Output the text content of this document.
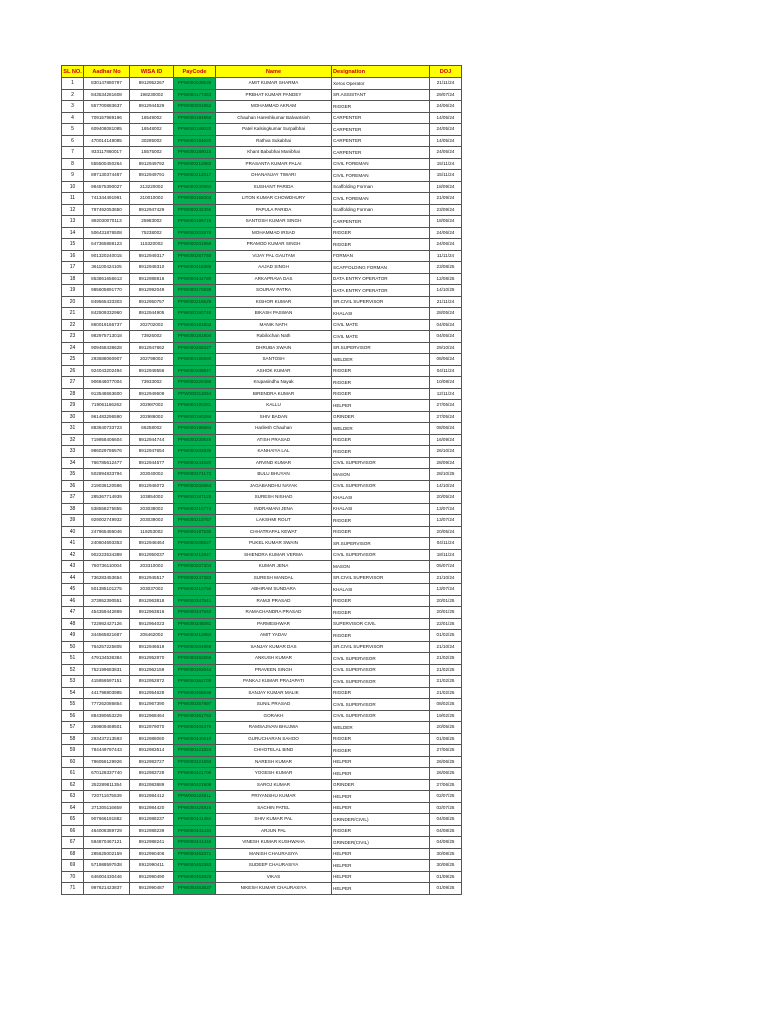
SL NO.	Aadhar No	WISA ID	PayCode	Name	Designation	DOJ
1	830147880797	8912952267	PPW000039538	AMIT KUMAR SHARMA	Xerox Operator	21/11/24
2	843534281608	198230002	PPW000177353	PRBHAT KUMAR PANDEY	SR.ASSISTANT	29/07/24
3	557700883637	8912944529	PPW000201962	MOHAMMAD AKRAM	RIGGER	24/06/24
4	709157989196	16549002	PPW000184958	Chauhan Hareshkumar Balvantsinh	CARPENTER	14/05/24
5	609408081085	16548002	PPW000189020	Patel Kalsingkumar Surpalbhai	CARPENTER	24/05/24
6	470014148085	30295002	PPW000184920	Rathva Sukabhai	CARPENTER	14/05/24
7	933117860017	15575002	PPW000189015	Khant Babubhai Manibhai	CARPENTER	24/05/24
8	555500450264	8912949792	PPW000212883	PRASANTA KUMAR PALAI	CIVIL FOREMAN	15/11/24
9	897130374487	8912949791	PPW000212017	DHANANJAY TIWARI	CIVIL FOREMAN	15/11/24
10	984575390027	213220002	PPW000230994	SUSHANT PARIDA	Scaffolding Forman	18/09/24
11	741344491991	210010002	PPW000155003	LITON KUMAR CHOWDHURY	CIVIL FOREMAN	21/09/24
12	797492053650	8912947429	PPW000242455	PAPULA PARIDA	Scaffolding Forman	23/09/24
13	892030070113	25983002	PPW000186719	SANTOSH KUMAR SINGH	CARPENTER	18/05/24
14	506431876508	75238002	PPW000201978	MOHAMMAD IRSAD	RIGGER	24/06/24
15	647365888123	115320002	PPW000201969	PRAMOD KUMAR SINGH	RIGGER	24/06/24
16	901320240015	8912949317	PPW000267760	VIJAY PAL GAUTAM	FORMAN	11/11/24
17	361100424105	8912948310	PPW000418388	AAJAD SINGH	SCAFFOLDING FORMAN	23/08/25
18	853861656613	8912988816	PPW000444780	ARKAPRAVA DAS	DATA ENTRY OPERATOR	12/08/25
19	985605891770	8912992049	PPW000470838	SOURAV PATRA	DATA ENTRY OPERATOR	14/10/25
20	849565433303	8912950757	PPW000215629	KISHOR KUMAR	SR.CIVIL SUPERVISOR	21/11/24
21	842509332960	8912944905	PPW000190748	BIKASH PASWAN	KHALASI	28/05/24
22	860019166737	202702002	PPW000181803	MANIK NATH	CIVIL MATE	04/05/24
23	982975713018	73926002	PPW000181804	Rabilochan Nath	CIVIL MATE	04/05/24
24	909458438628	8912947862	PPW000266327	DHRUBA SWAIN	SR.SUPERVISOR	29/10/24
25	293688060907	202798002	PPW000195590	SANTOSH	WELDER	08/06/24
26	924043202494	8912948556	PPW000208847	ASHOK KUMAR	RIGGER	04/11/24
27	906846077004	73933002	PPW000220466	Krupasindhu Nayak	RIGGER	10/08/24
28	913548663600	8912949609	PPW000211834	BIRENDRA KUMAR	RIGGER	12/11/24
29	719061166262	202987002	PPW000190281	KALLU	HELPER	27/05/24
30	961483296590	202986002	PPW000190284	SHIV BADAN	GRINDER	27/05/24
31	883640733723	66258002	PPW000195584	Harilesh Chauhan	WELDER	08/06/24
32	719958406604	8912944744	PPW000230649	ATISH PRASAD	RIGGER	16/09/24
33	986029786576	8912947654	PPW000202838	KANHAIYA LAL	RIGGER	26/10/24
34	766785612477	8912944577	PPW000244520	ARVIND KUMAR	CIVIL SUPERVISOR	28/09/24
35	502894833794	203040002	PPW000474172	BULU BHUYAN	MASON	28/10/25
36	219036120586	8912946072	PPW000202664	JAGABANDHU NAYAK	CIVIL SUPERVISOR	14/10/24
37	285367714939	103854002	PPW000187125	SURESH NISHAD	KHALASI	20/05/24
38	538558275855	203038002	PPW000210774	INDRAMANI JENA	KHALASI	13/07/24
39	929002749932	203039002	PPW000210757	LAKSHMI ROUT	RIGGER	13/07/24
40	247965486046	119253002	PPW000187538	CHHATRAPAL KEWAT	RIGGER	20/05/24
41	240604693353	8912948464	PPW000208827	PUKEL KUMAR SWAIN	SR.SUPERVISOR	04/11/24
42	902223534389	8912950037	PPW000212847	SHIENDRA KUMAR VERMA	CIVIL SUPERVISOR	18/11/24
43	760736110004	203310002	PPW000207304	KUMAR JENA	MASON	05/07/24
44	736283453654	8912945517	PPW000247383	SURESH MANDAL	SR.CIVIL SUPERVISOR	21/10/24
45	501385101275	203037002	PPW000210756	ABHIRAM SUNDARA	KHALASI	13/07/24
46	373952390551	8912963818	PPW000347641	RAMJI PRASAD	RIGGER	20/01/25
47	454359442869	8912963816	PPW000347640	RAMACHANDRA PRASAD	RIGGER	20/01/25
48	722982427126	8912964023	PPW000348081	PARMESHWAR	SUPERVISOR CIVIL	22/01/25
49	344565821687	205462002	PPW000212884	AMIT YADAV	RIGGER	01/02/25
50	764257225805	8912946619	PPW000204968	SANJAY KUMAR DAS	SR.CIVIL SUPERVISOR	21/10/24
51	479134536384	8912952870	PPW000362656	ANKUSH KUMAR	CIVIL SUPERVISOR	21/02/25
52	752199683831	8912962159	PPW000362644	PRAVEEN SINGH	CIVIL SUPERVISOR	21/02/25
53	415956597151	8912952872	PPW000362709	PANKAJ KUMAR PRAJAPATI	CIVIL SUPERVISOR	21/02/25
54	441798803985	8912954628	PPW000368839	SANJAY KUMAR MALIK	RIGGER	21/02/25
55	777262086854	8912967390	PPW000357997	SUNIL PRASAD	CIVIL SUPERVISOR	08/02/25
56	884390653229	8912968464	PPW000361793	GORAKH	CIVIL SUPERVISOR	19/02/25
57	259809469501	8912979070	PPW000404378	RAMSAJIVAN BHUJWA	WELDER	20/05/25
58	293437213593	8912988060	PPW000440610	GURUCHARAN SAHOO	RIGGER	01/08/25
59	784449797443	8912983514	PPW000421824	CHHOTELAL BIND	RIGGER	27/06/25
60	796056129926	8912983727	PPW000421693	NARESH KUMAR	HELPER	26/06/25
61	670128337740	8912983728	PPW000421706	YOGESH KUMAR	HELPER	26/06/25
62	252289811354	8912983889	PPW000421909	SAROJ KUMAR	GRINDER	27/06/25
63	720711675539	8912984412	PPW000424911	PRIYANSHU KUMAR	HELPER	02/07/25
64	271305116659	8912984420	PPW000424916	SACHIN PATEL	HELPER	02/07/25
65	907666191882	8912988237	PPW000441464	SHIV KUMAR PAL	GRINDER/CIVIL)	04/08/25
66	464008389729	8912988239	PPW000441434	ARJUN PAL	RIGGER	04/08/25
67	594870467121	8912988241	PPW000441446	VINESH KUMAR KUSHWAHA	GRINDER(CIVIL)	04/08/25
68	285625002159	8912990406	PPW000453371	MANISH CHAURASIYA	HELPER	30/08/25
69	571988597538	8912990411	PPW000453363	SUDEEP CHAURASIYA	HELPER	30/08/25
70	646004430446	8912990490	PPW000453828	VIKAS	HELPER	01/09/25
71	997621423837	8912990487	PPW000453837	NIKESH KUMAR CHAURASIYA	HELPER	01/09/25
